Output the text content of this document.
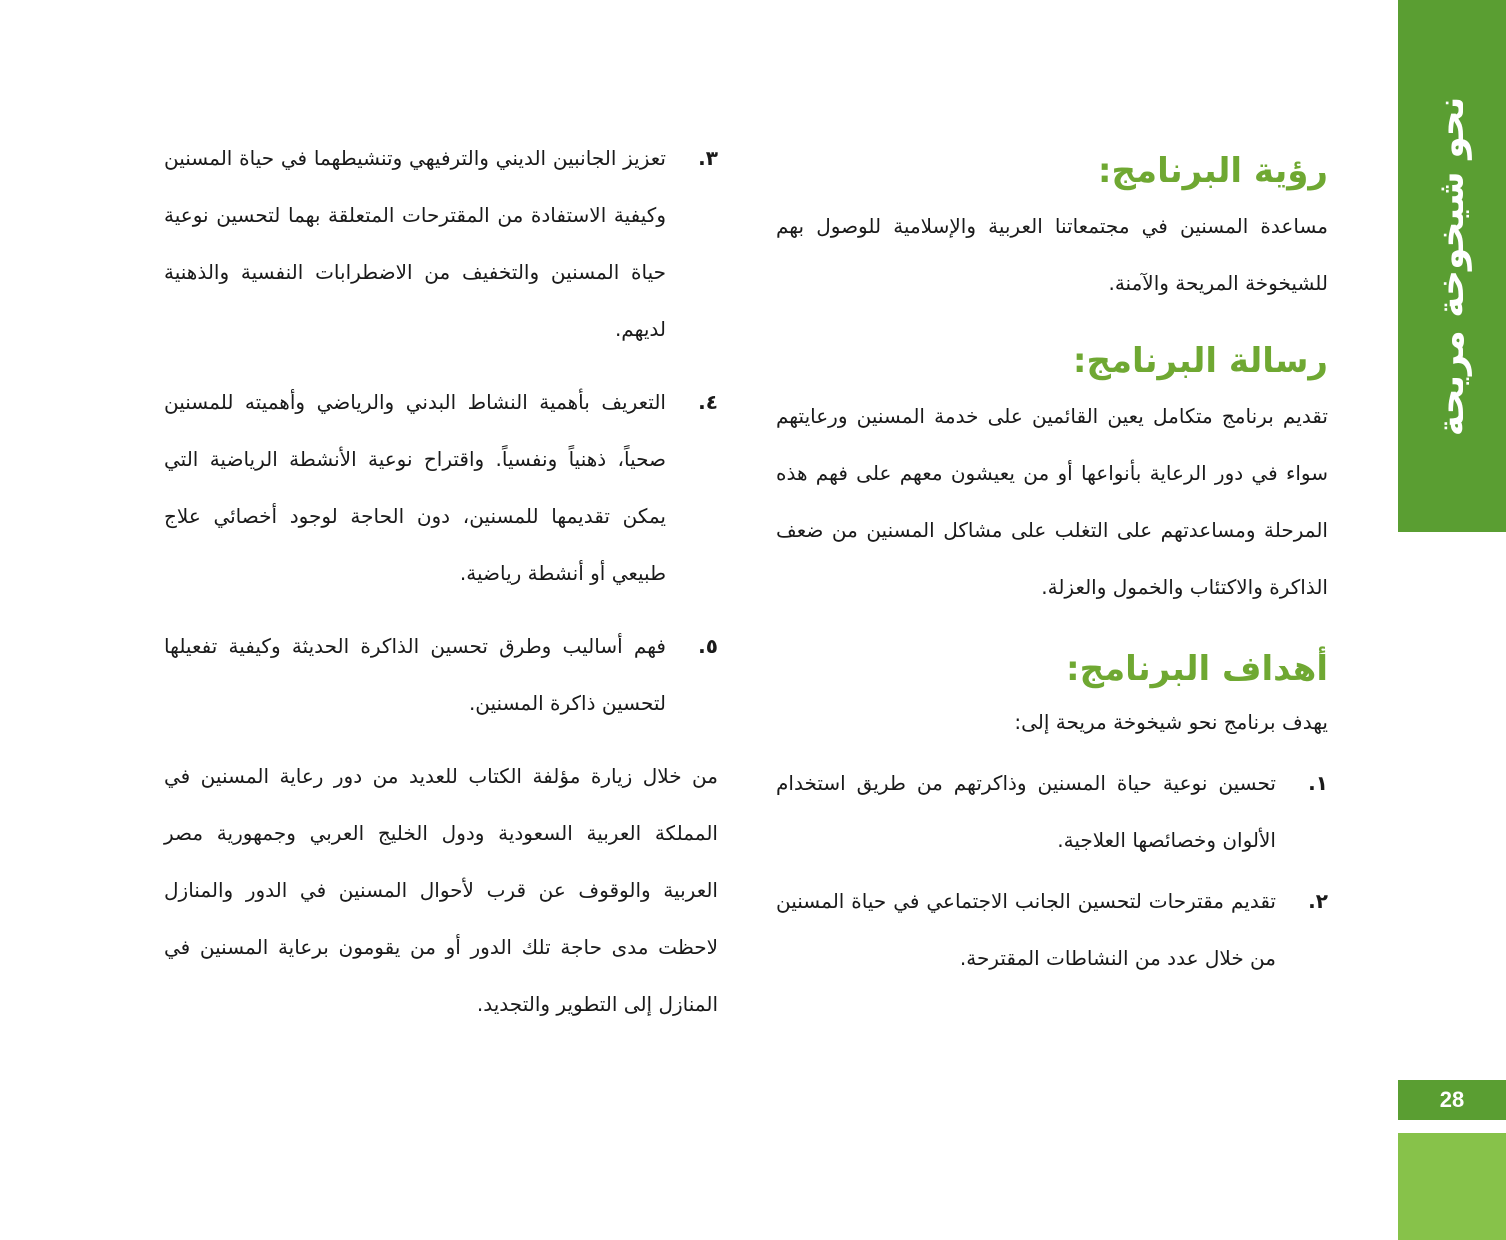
رؤية البرنامج:

مساعدة المسنين في مجتمعاتنا العربية والإسلامية للوصول بهم للشيخوخة المريحة والآمنة.

رسالة البرنامج:

تقديم برنامج متكامل يعين القائمين على خدمة المسنين ورعايتهم سواء في دور الرعاية بأنواعها أو من يعيشون معهم على فهم هذه المرحلة ومساعدتهم على التغلب على مشاكل المسنين من ضعف الذاكرة والاكتئاب والخمول والعزلة.

أهداف البرنامج:

يهدف برنامج نحو شيخوخة مريحة إلى:

١.
تحسين نوعية حياة المسنين وذاكرتهم من طريق استخدام الألوان وخصائصها العلاجية.
٢.
تقديم مقترحات لتحسين الجانب الاجتماعي في حياة المسنين من خلال عدد من النشاطات المقترحة.
٣.
تعزيز الجانبين الديني والترفيهي وتنشيطهما في حياة المسنين وكيفية الاستفادة من المقترحات المتعلقة بهما لتحسين نوعية حياة المسنين والتخفيف من الاضطرابات النفسية والذهنية لديهم.
٤.
التعريف بأهمية النشاط البدني والرياضي وأهميته للمسنين صحياً، ذهنياً ونفسياً. واقتراح نوعية الأنشطة الرياضية التي يمكن تقديمها للمسنين، دون الحاجة لوجود أخصائي علاج طبيعي أو أنشطة رياضية.
٥.
فهم أساليب وطرق تحسين الذاكرة الحديثة وكيفية تفعيلها لتحسين ذاكرة المسنين.

من خلال زيارة مؤلفة الكتاب للعديد من دور رعاية المسنين في المملكة العربية السعودية ودول الخليج العربي وجمهورية مصر العربية والوقوف عن قرب لأحوال المسنين في الدور والمنازل لاحظت مدى حاجة تلك الدور أو من يقومون برعاية المسنين في المنازل إلى التطوير والتجديد.

نحو شيخوخة مريحة
28
